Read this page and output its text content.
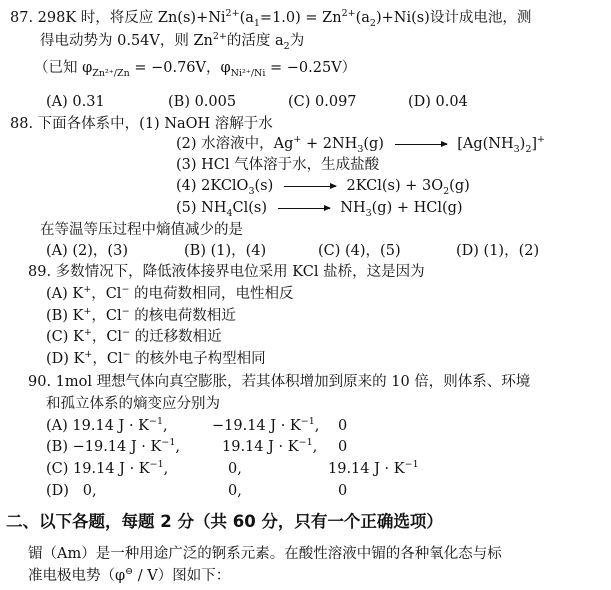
87. 298K 时，将反应 $Zn(s)+Ni^{2+}(a_1=1.0) = Zn^{2+}(a_2)+Ni(s)$设计成电池，测
得电动势为 0.54V，则 $Zn^{2+}$的活度 $a_2$为
（已知 $\varphi_{Zn^{2+}/Zn} = -0.76V$，$\varphi_{Ni^{2+}/Ni} = -0.25V$）
(A) 0.31	(B) 0.005	(C) 0.097	(D) 0.04
88. 下面各体系中，(1) NaOH 溶解于水
(2) 水溶液中，$Ag^+ + 2NH_3(g) \to [Ag(NH_3)_2]^+$
(3) HCl 气体溶于水，生成盐酸
(4) 2KClO$_3$(s) → $2KCl(s) + 3O_2(g)$
(5) $NH_4Cl(s) \to NH_3(g) + HCl(g)$
在等温等压过程中熵值减少的是
(A) (2)，(3)	(B) (1)，(4)	(C) (4)，(5)	(D) (1)，(2)
89. 多数情况下，降低液体接界电位采用 KCl 盐桥，这是因为
(A) K+，Cl− 的电荷数相同，电性相反
(B) K+，Cl− 的核电荷数相近
(C) K+，Cl− 的迁移数相近
(D) K+，Cl− 的核外电子构型相同
90. 1mol 理想气体向真空膨胀，若其体积增加到原来的 10 倍，则体系、环境
和孤立体系的熵变应分别为
(A) 19.14 $J \cdot K^{-1}$,	−19.14 $J \cdot K^{-1}$, 0
(B) −19.14 $J \cdot K^{-1}$,	19.14 $J \cdot K^{-1}$, 0
(C) 19.14 $J \cdot K^{-1}$,	0,	19.14 $J \cdot K^{-1}$
(D) 0,	0,	0
二、以下各题，每题 2 分（共 60 分，只有一个正确选项）
镅（Am）是一种用途广泛的锕系元素。在酸性溶液中镅的各种氧化态与标
准电极电势（φ⊖ / V）图如下：
